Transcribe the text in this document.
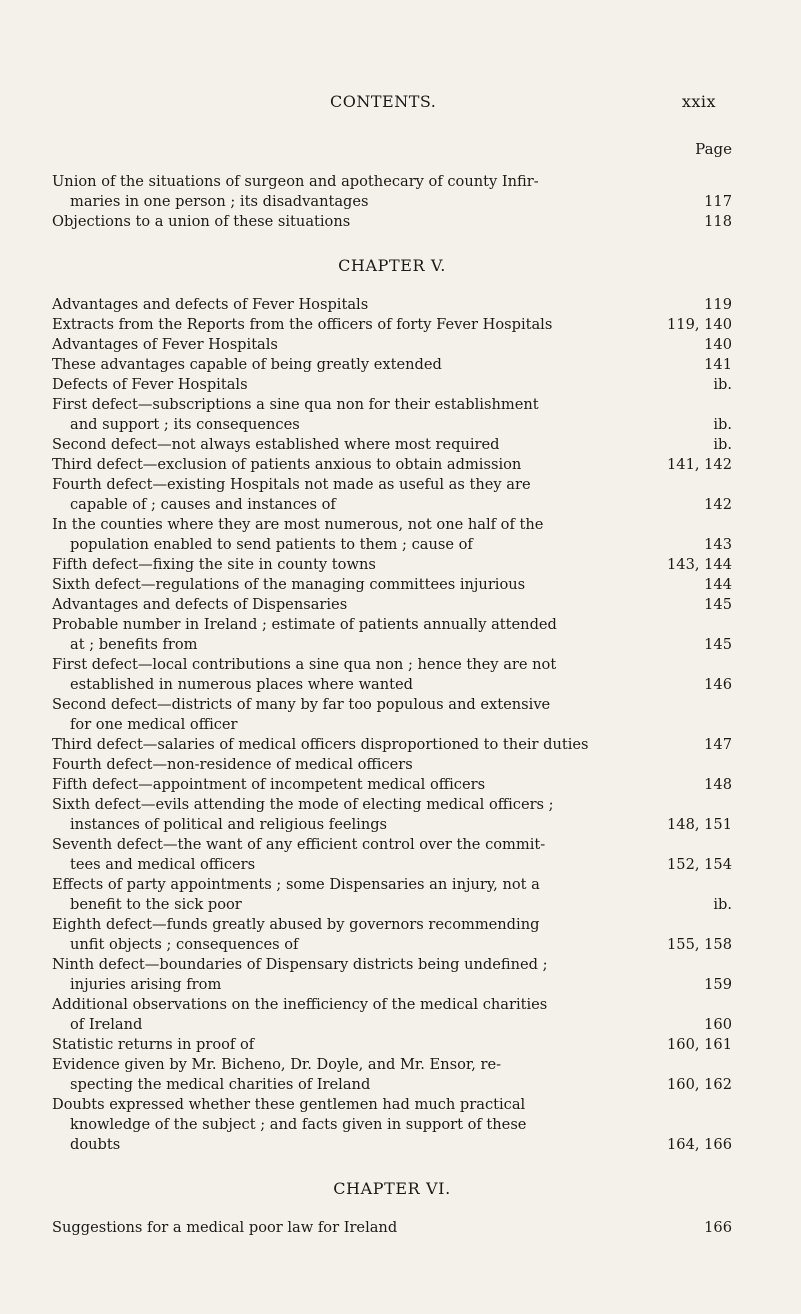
CONTENTS.	xxix
Page
Union of the situations of surgeon and apothecary of county Infir-
maries in one person ; its disadvantages	117
Objections to a union of these situations	118
CHAPTER V.
Advantages and defects of Fever Hospitals	119
Extracts from the Reports from the officers of forty Fever Hospitals	119, 140
Advantages of Fever Hospitals	140
These advantages capable of being greatly extended	141
Defects of Fever Hospitals	ib.
First defect—subscriptions a sine qua non for their establishment
and support ; its consequences	ib.
Second defect—not always established where most required	ib.
Third defect—exclusion of patients anxious to obtain admission	141, 142
Fourth defect—existing Hospitals not made as useful as they are
capable of ; causes and instances of	142
In the counties where they are most numerous, not one half of the
population enabled to send patients to them ; cause of	143
Fifth defect—fixing the site in county towns	143, 144
Sixth defect—regulations of the managing committees injurious	144
Advantages and defects of Dispensaries	145
Probable number in Ireland ; estimate of patients annually attended
at ; benefits from	145
First defect—local contributions a sine qua non ; hence they are not
established in numerous places where wanted	146
Second defect—districts of many by far too populous and extensive
for one medical officer
Third defect—salaries of medical officers disproportioned to their duties	147
Fourth defect—non-residence of medical officers
Fifth defect—appointment of incompetent medical officers	148
Sixth defect—evils attending the mode of electing medical officers ;
instances of political and religious feelings	148, 151
Seventh defect—the want of any efficient control over the commit-
tees and medical officers	152, 154
Effects of party appointments ; some Dispensaries an injury, not a
benefit to the sick poor	ib.
Eighth defect—funds greatly abused by governors recommending
unfit objects ; consequences of	155, 158
Ninth defect—boundaries of Dispensary districts being undefined ;
injuries arising from	159
Additional observations on the inefficiency of the medical charities
of Ireland	160
Statistic returns in proof of	160, 161
Evidence given by Mr. Bicheno, Dr. Doyle, and Mr. Ensor, re-
specting the medical charities of Ireland	160, 162
Doubts expressed whether these gentlemen had much practical
knowledge of the subject ; and facts given in support of these
doubts	164, 166
CHAPTER VI.
Suggestions for a medical poor law for Ireland	166
